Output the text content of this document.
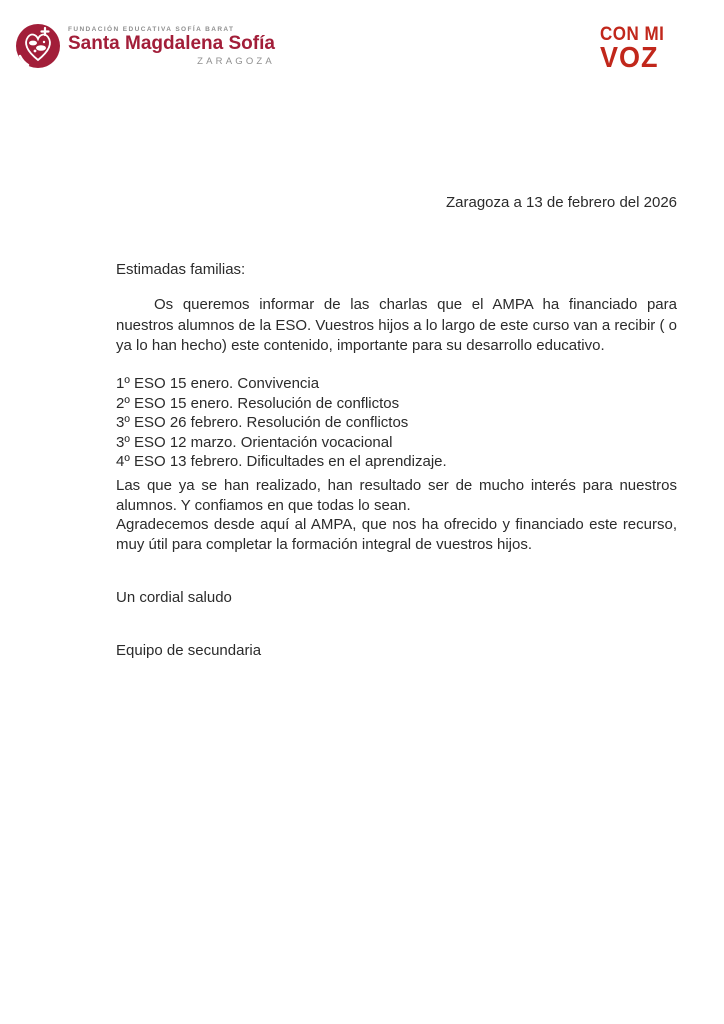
FUNDACIÓN EDUCATIVA SOFÍA BARAT
Santa Magdalena Sofía
ZARAGOZA
CON MI
VOZ
Zaragoza a 13 de febrero del 2026
Estimadas familias:
Os queremos informar de las charlas que el AMPA ha financiado para nuestros alumnos de la ESO. Vuestros hijos a lo largo de este curso van a recibir ( o ya lo han hecho) este contenido, importante para su desarrollo educativo.
1º ESO 15 enero. Convivencia
2º ESO 15 enero. Resolución de conflictos
3º ESO 26 febrero. Resolución de conflictos
3º ESO 12 marzo. Orientación vocacional
4º ESO 13 febrero. Dificultades en el aprendizaje.
Las que ya se han realizado, han resultado ser de mucho interés para nuestros alumnos. Y confiamos en que todas lo sean.
Agradecemos desde aquí al AMPA, que nos ha ofrecido y financiado este recurso, muy útil para completar la formación integral de vuestros hijos.
Un cordial saludo
Equipo de secundaria
